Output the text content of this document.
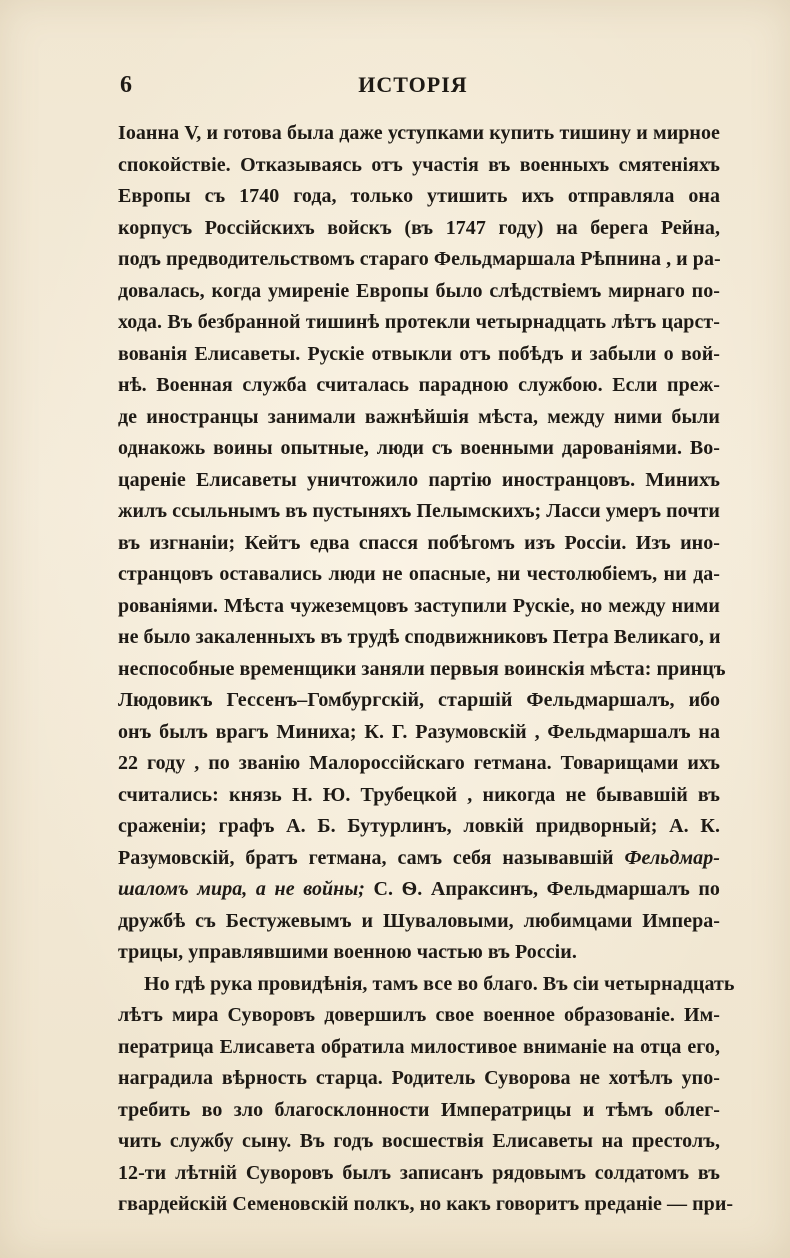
6	ИСТОРІЯ
Іоанна V, и готова была даже уступками купить тишину и мирное
спокойствіе. Отказываясь отъ участія въ военныхъ смятеніяхъ
Европы съ 1740 года, только утишить ихъ отправляла она
корпусъ Россійскихъ войскъ (въ 1747 году) на берега Рейна,
подъ предводительствомъ стараго Фельдмаршала Рѣпнина , и ра-
довалась, когда умиреніе Европы было слѣдствіемъ мирнаго по-
хода. Въ безбранной тишинѣ протекли четырнадцать лѣтъ царст-
вованія Елисаветы. Рускіе отвыкли отъ побѣдъ и забыли о вой-
нѣ. Военная служба считалась парадною службою. Если преж-
де иностранцы занимали важнѣйшія мѣста, между ними были
однакожь воины опытные, люди съ военными дарованіями. Во-
цареніе Елисаветы уничтожило партію иностранцовъ. Минихъ
жилъ ссыльнымъ въ пустыняхъ Пелымскихъ; Ласси умеръ почти
въ изгнаніи; Кейтъ едва спасся побѣгомъ изъ Россіи. Изъ ино-
странцовъ оставались люди не опасные, ни честолюбіемъ, ни да-
рованіями. Мѣста чужеземцовъ заступили Рускіе, но между ними
не было закаленныхъ въ трудѣ сподвижниковъ Петра Великаго, и
неспособные временщики заняли первыя воинскія мѣста: принцъ
Людовикъ Гессенъ–Гомбургскій, старшій Фельдмаршалъ, ибо
онъ былъ врагъ Миниха; К. Г. Разумовскій , Фельдмаршалъ на
22 году , по званію Малороссійскаго гетмана. Товарищами ихъ
считались: князь Н. Ю. Трубецкой , никогда не бывавшій въ
сраженіи; графъ А. Б. Бутурлинъ, ловкій придворный; А. К.
Разумовскій, братъ гетмана, самъ себя называвшій Фельдмар-
шаломъ мира, а не войны; С. Ѳ. Апраксинъ, Фельдмаршалъ по
дружбѣ съ Бестужевымъ и Шуваловыми, любимцами Импера-
трицы, управлявшими военною частью въ Россіи.
Но гдѣ рука провидѣнія, тамъ все во благо. Въ сіи четырнадцать
лѣтъ мира Суворовъ довершилъ свое военное образованіе. Им-
ператрица Елисавета обратила милостивое вниманіе на отца его,
наградила вѣрность старца. Родитель Суворова не хотѣлъ упо-
требить во зло благосклонности Императрицы и тѣмъ облег-
чить службу сыну. Въ годъ восшествія Елисаветы на престолъ,
12-ти лѣтній Суворовъ былъ записанъ рядовымъ солдатомъ въ
гвардейскій Семеновскій полкъ, но какъ говоритъ преданіе — при-
